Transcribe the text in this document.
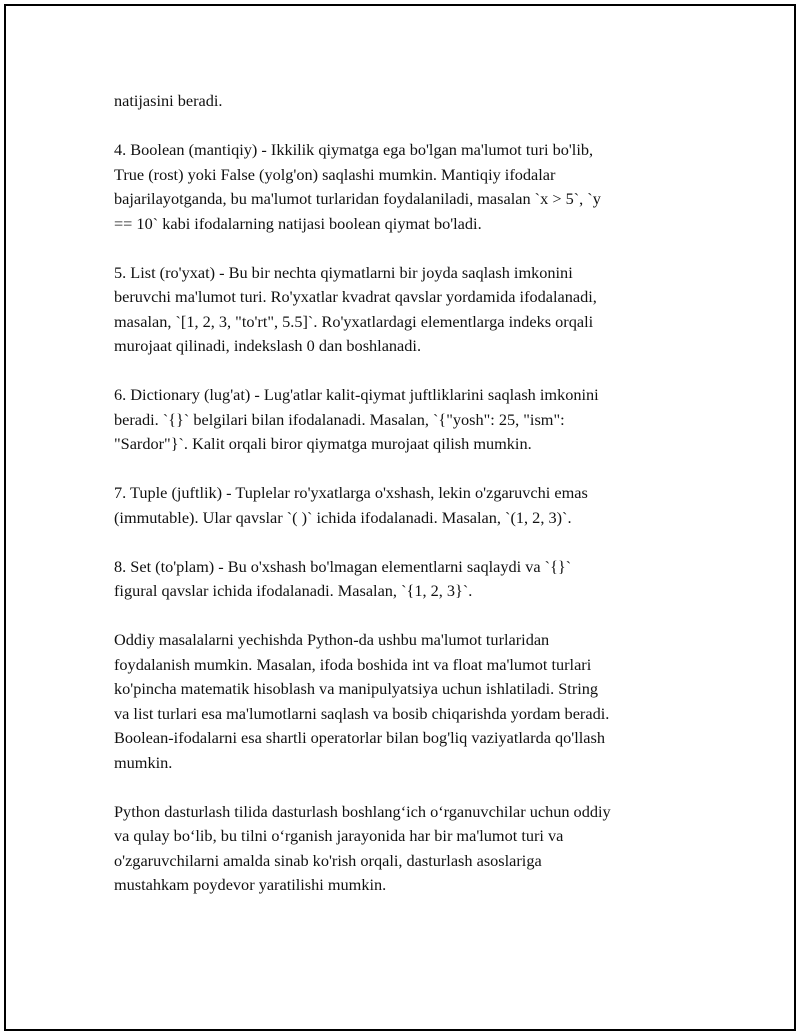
natijasini beradi.

4. Boolean (mantiqiy) - Ikkilik qiymatga ega bo'lgan ma'lumot turi bo'lib,
True (rost) yoki False (yolg'on) saqlashi mumkin. Mantiqiy ifodalar
bajarilayotganda, bu ma'lumot turlaridan foydalaniladi, masalan `x > 5`, `y
== 10` kabi ifodalarning natijasi boolean qiymat bo'ladi.

5. List (ro'yxat) - Bu bir nechta qiymatlarni bir joyda saqlash imkonini
beruvchi ma'lumot turi. Ro'yxatlar kvadrat qavslar yordamida ifodalanadi,
masalan, `[1, 2, 3, "to'rt", 5.5]`. Ro'yxatlardagi elementlarga indeks orqali
murojaat qilinadi, indekslash 0 dan boshlanadi.

6. Dictionary (lug'at) - Lug'atlar kalit-qiymat juftliklarini saqlash imkonini
beradi. `{}` belgilari bilan ifodalanadi. Masalan, `{"yosh": 25, "ism":
"Sardor"}`. Kalit orqali biror qiymatga murojaat qilish mumkin.

7. Tuple (juftlik) - Tuplelar ro'yxatlarga o'xshash, lekin o'zgaruvchi emas
(immutable). Ular qavslar `( )` ichida ifodalanadi. Masalan, `(1, 2, 3)`.

8. Set (to'plam) - Bu o'xshash bo'lmagan elementlarni saqlaydi va `{}`
figural qavslar ichida ifodalanadi. Masalan, `{1, 2, 3}`.

Oddiy masalalarni yechishda Python-da ushbu ma'lumot turlaridan
foydalanish mumkin. Masalan, ifoda boshida int va float ma'lumot turlari
ko'pincha matematik hisoblash va manipulyatsiya uchun ishlatiladi. String
va list turlari esa ma'lumotlarni saqlash va bosib chiqarishda yordam beradi.
Boolean-ifodalarni esa shartli operatorlar bilan bog'liq vaziyatlarda qo'llash
mumkin.

Python dasturlash tilida dasturlash boshlang‘ich o‘rganuvchilar uchun oddiy
va qulay bo‘lib, bu tilni o‘rganish jarayonida har bir ma'lumot turi va
o'zgaruvchilarni amalda sinab ko'rish orqali, dasturlash asoslariga
mustahkam poydevor yaratilishi mumkin.
